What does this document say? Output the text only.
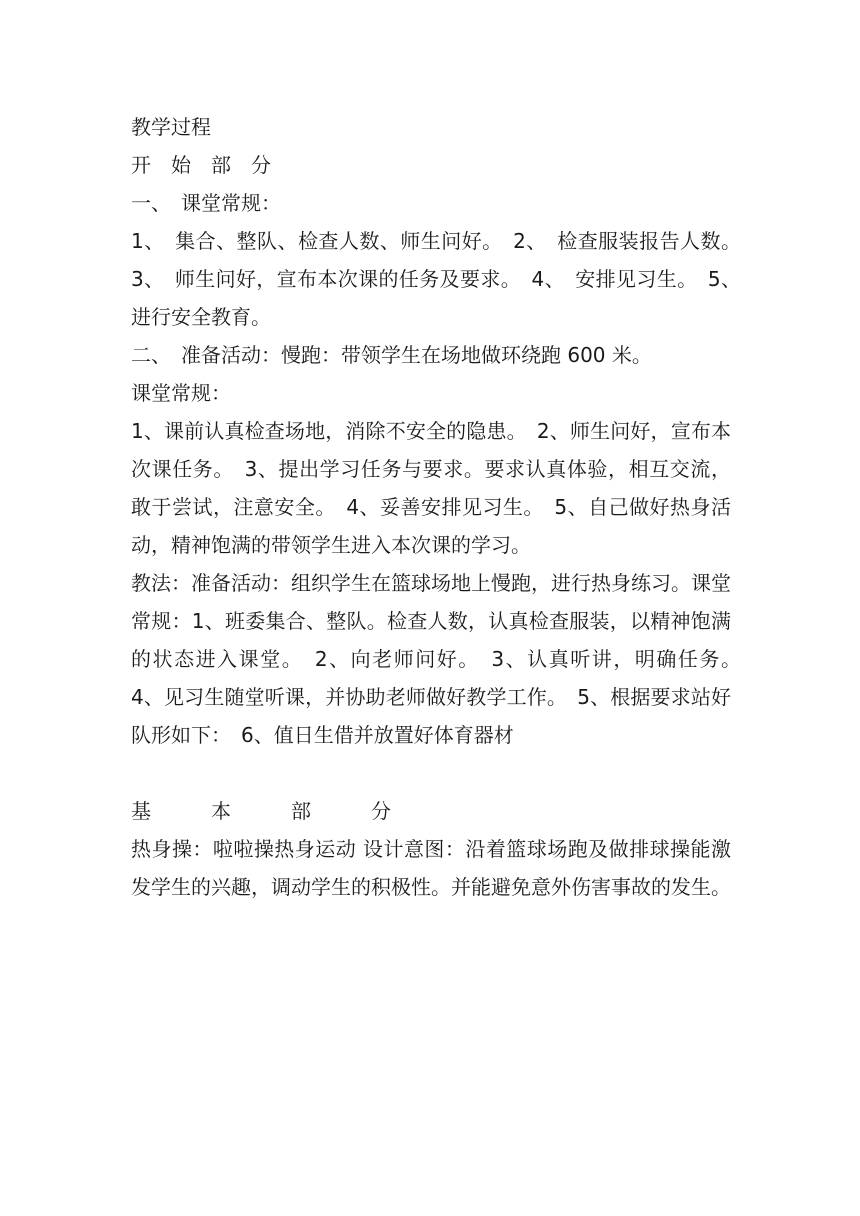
教学过程
开　始　部　分
一、　课堂常规：

1、　集合、整队、检查人数、师生问好。　2、　检查服装报告人数。　3、　师生问好，宣布本次课的任务及要求。　4、　安排见习生。　5、　进行安全教育。

二、　准备活动：慢跑：带领学生在场地做环绕跑 600 米。
课堂常规：

1、课前认真检查场地，消除不安全的隐患。　2、师生问好，宣布本次课任务。　3、提出学习任务与要求。要求认真体验，相互交流，敢于尝试，注意安全。　4、妥善安排见习生。　5、自己做好热身活动，精神饱满的带领学生进入本次课的学习。

教法：准备活动：组织学生在篮球场地上慢跑，进行热身练习。课堂常规：1、班委集合、整队。检查人数，认真检查服装，以精神饱满的状态进入课堂。　2、向老师问好。　3、认真听讲，明确任务。　4、见习生随堂听课，并协助老师做好教学工作。　5、根据要求站好队形如下：　6、值日生借并放置好体育器材

基　　　本　　　部　　　分

热身操：啦啦操热身运动 设计意图：沿着篮球场跑及做排球操能激发学生的兴趣，调动学生的积极性。并能避免意外伤害事故的发生。
